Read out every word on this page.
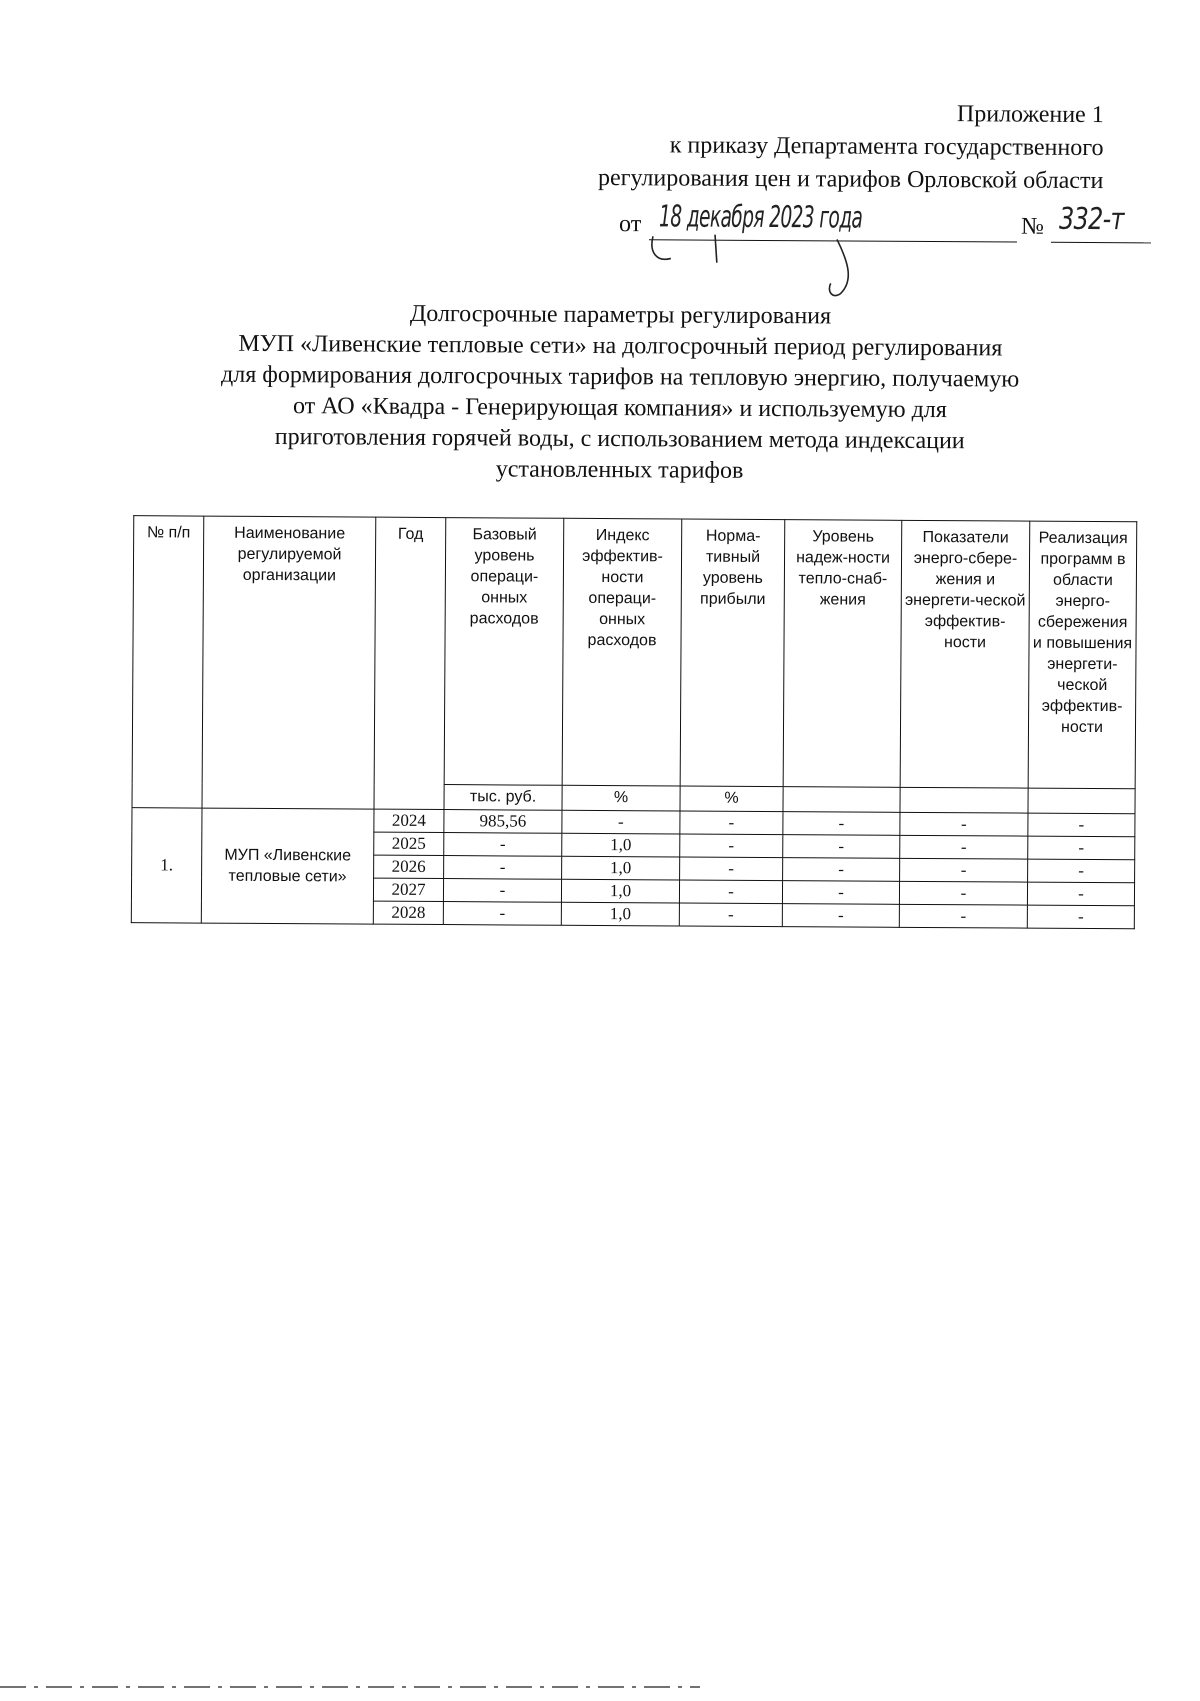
Приложение 1
к приказу Департамента государственного
регулирования цен и тарифов Орловской области
от 18 декабря 2023 года	№ 332-т
Долгосрочные параметры регулирования
МУП «Ливенские тепловые сети» на долгосрочный период регулирования
для формирования долгосрочных тарифов на тепловую энергию, получаемую
от АО «Квадра - Генерирующая компания» и используемую для
приготовления горячей воды, с использованием метода индексации
установленных тарифов
№ п/п	Наименование регулируемой организации	Год	Базовый уровень операци-онных расходов	Индекс эффектив-ности операци-онных расходов	Норма-тивный уровень прибыли	Уровень надеж-ности тепло-снаб-жения	Показатели энерго-сбере-жения и энергети-ческой эффектив-ности	Реализация программ в области энерго-сбережения и повышения энергети-ческой эффектив-ности
			тыс. руб.	%	%			
1.	МУП «Ливенские тепловые сети»	2024	985,56	-	-	-	-	-
		2025	-	1,0	-	-	-	-
		2026	-	1,0	-	-	-	-
		2027	-	1,0	-	-	-	-
		2028	-	1,0	-	-	-	-
